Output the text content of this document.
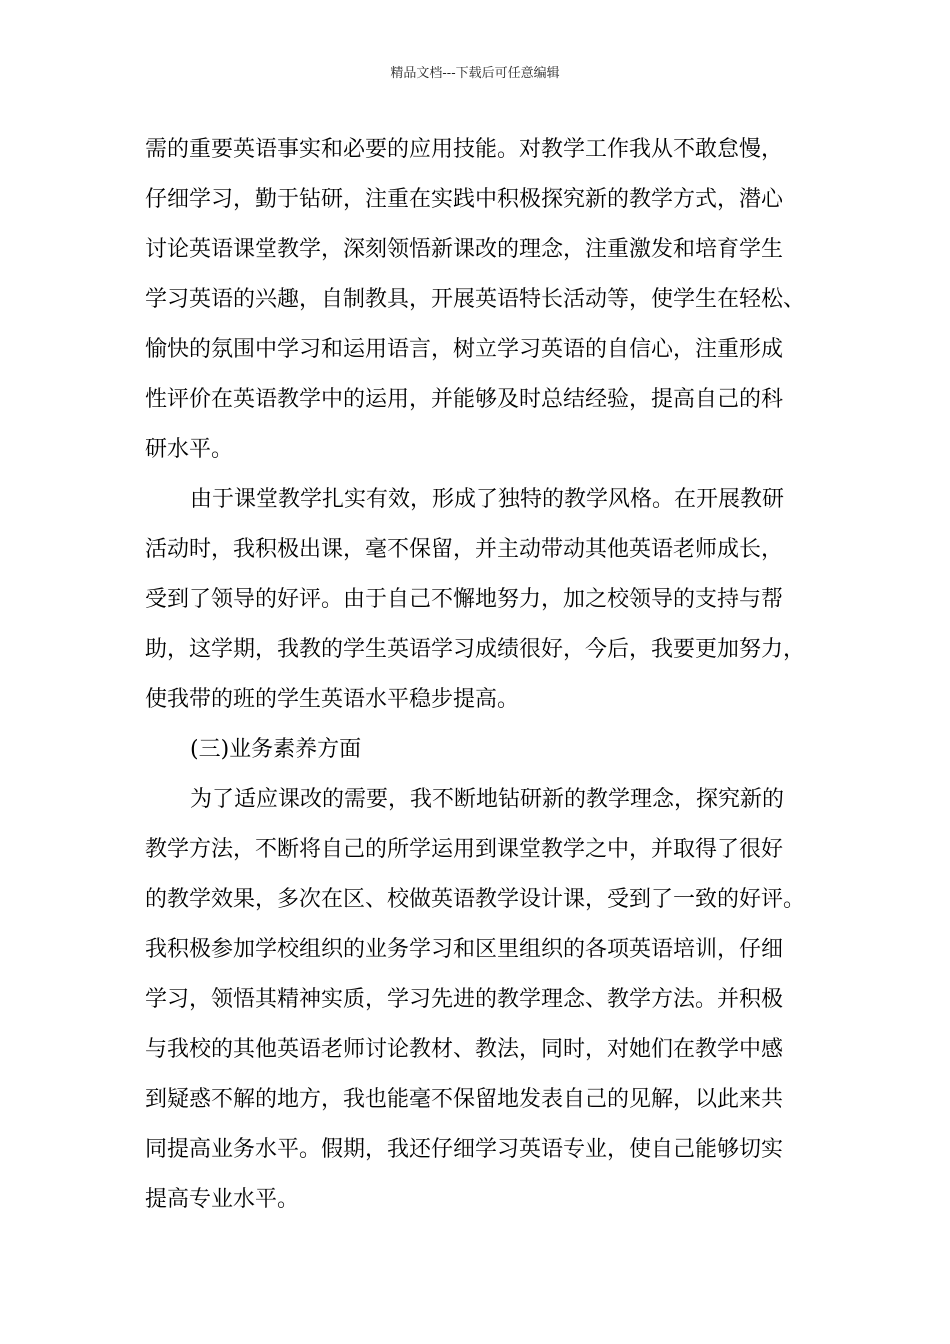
精品文档---下载后可任意编辑
需的重要英语事实和必要的应用技能。对教学工作我从不敢怠慢，
仔细学习，勤于钻研，注重在实践中积极探究新的教学方式，潜心
讨论英语课堂教学，深刻领悟新课改的理念，注重激发和培育学生
学习英语的兴趣，自制教具，开展英语特长活动等，使学生在轻松、
愉快的氛围中学习和运用语言，树立学习英语的自信心，注重形成
性评价在英语教学中的运用，并能够及时总结经验，提高自己的科
研水平。
由于课堂教学扎实有效，形成了独特的教学风格。在开展教研
活动时，我积极出课，毫不保留，并主动带动其他英语老师成长，
受到了领导的好评。由于自己不懈地努力，加之校领导的支持与帮
助，这学期，我教的学生英语学习成绩很好，今后，我要更加努力，
使我带的班的学生英语水平稳步提高。
(三)业务素养方面
为了适应课改的需要，我不断地钻研新的教学理念，探究新的
教学方法，不断将自己的所学运用到课堂教学之中，并取得了很好
的教学效果，多次在区、校做英语教学设计课，受到了一致的好评。
我积极参加学校组织的业务学习和区里组织的各项英语培训，仔细
学习，领悟其精神实质，学习先进的教学理念、教学方法。并积极
与我校的其他英语老师讨论教材、教法，同时，对她们在教学中感
到疑惑不解的地方，我也能毫不保留地发表自己的见解，以此来共
同提高业务水平。假期，我还仔细学习英语专业，使自己能够切实
提高专业水平。
